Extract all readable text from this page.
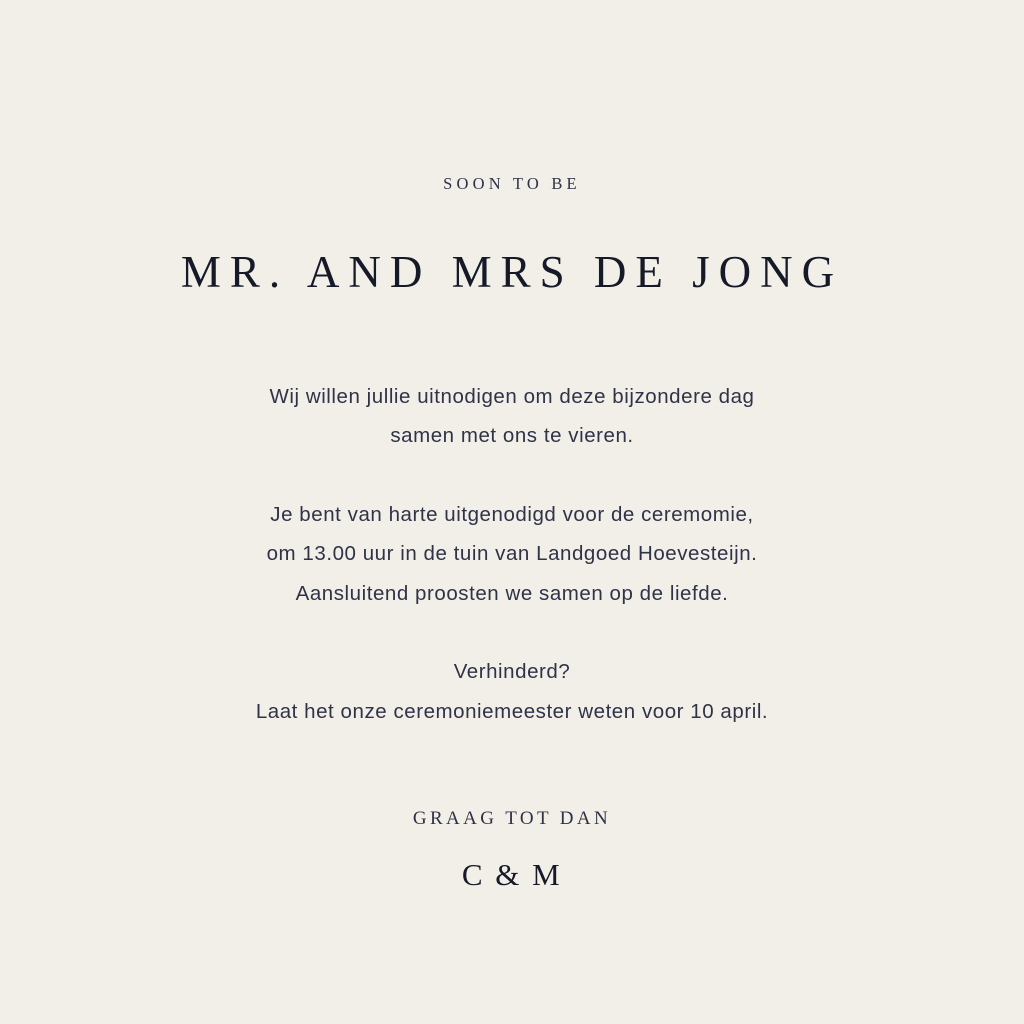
SOON TO BE
MR. AND MRS DE JONG

Wij willen jullie uitnodigen om deze bijzondere dag

samen met ons te vieren.

Je bent van harte uitgenodigd voor de ceremomie,

om 13.00 uur in de tuin van Landgoed Hoevesteijn.

Aansluitend proosten we samen op de liefde.

Verhinderd?

Laat het onze ceremoniemeester weten voor 10 april.

GRAAG TOT DAN
C & M
